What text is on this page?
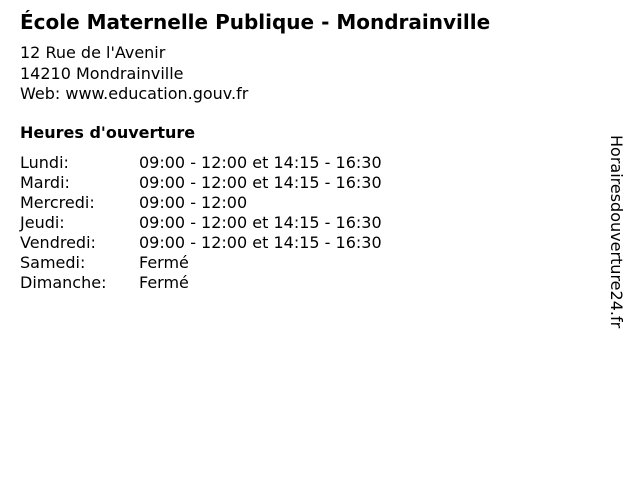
École Maternelle Publique - Mondrainville
12 Rue de l'Avenir
14210 Mondrainville
Web: www.education.gouv.fr
Heures d'ouverture
Lundi:	09:00 - 12:00 et 14:15 - 16:30
Mardi:	09:00 - 12:00 et 14:15 - 16:30
Mercredi:	09:00 - 12:00
Jeudi:	09:00 - 12:00 et 14:15 - 16:30
Vendredi:	09:00 - 12:00 et 14:15 - 16:30
Samedi:	Fermé
Dimanche: Fermé	Horairesdouverture24.fr
